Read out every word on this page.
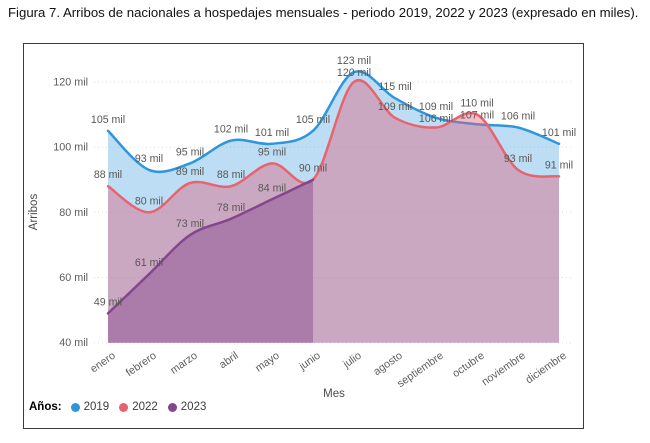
Figura 7. Arribos de nacionales a hospedajes mensuales - periodo 2019, 2022 y 2023 (expresado en miles).
40 mil
60 mil
80 mil
100 mil
120 mil
105 mil
88 mil
49 mil
93 mil
80 mil
61 mil
95 mil
89 mil
73 mil
102 mil
88 mil
78 mil
101 mil
95 mil
84 mil
105 mil
90 mil
123 mil
120 mil
115 mil
109 mil 109 mil
106 mil
110 mil
107 mil 106 mil
93 mil
101 mil
91 mil
enero febrero marzo abril mayo junio julio agosto
septiembre octubre
noviembre
diciembre
Arribos
Mes
Años: 2019 2022 2023
